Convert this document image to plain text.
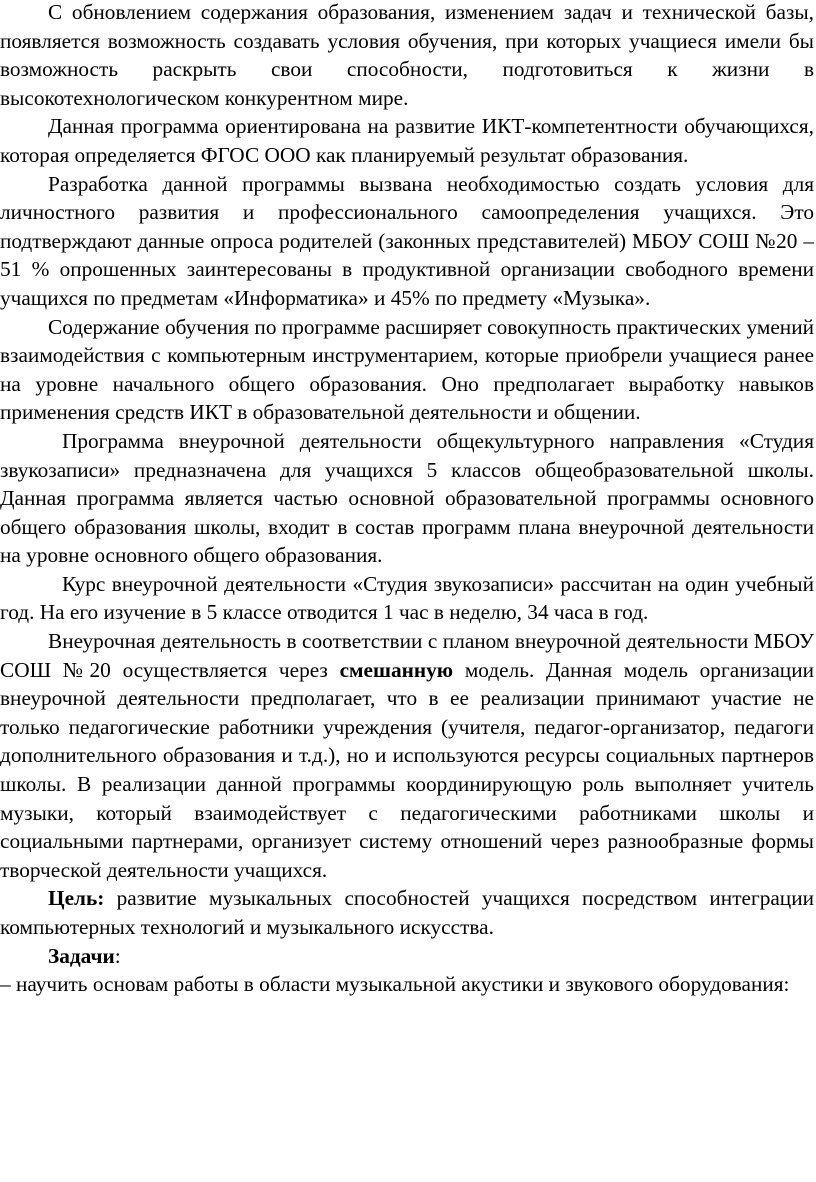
С обновлением содержания образования, изменением задач и технической базы, появляется возможность создавать условия обучения, при которых учащиеся имели бы возможность раскрыть свои способности, подготовиться к жизни в высокотехнологическом конкурентном мире.

Данная программа ориентирована на развитие ИКТ-компетентности обучающихся, которая определяется ФГОС ООО как планируемый результат образования.

Разработка данной программы вызвана необходимостью создать условия для личностного развития и профессионального самоопределения учащихся. Это подтверждают данные опроса родителей (законных представителей) МБОУ СОШ №20 – 51 % опрошенных заинтересованы в продуктивной организации свободного времени учащихся по предметам «Информатика» и 45% по предмету «Музыка».

Содержание обучения по программе расширяет совокупность практических умений взаимодействия с компьютерным инструментарием, которые приобрели учащиеся ранее на уровне начального общего образования. Оно предполагает выработку навыков применения средств ИКТ в образовательной деятельности и общении.

Программа внеурочной деятельности общекультурного направления «Студия звукозаписи» предназначена для учащихся 5 классов общеобразовательной школы. Данная программа является частью основной образовательной программы основного общего образования школы, входит в состав программ плана внеурочной деятельности на уровне основного общего образования.

Курс внеурочной деятельности «Студия звукозаписи» рассчитан на один учебный год. На его изучение в 5 классе отводится 1 час в неделю, 34 часа в год.

Внеурочная деятельность в соответствии с планом внеурочной деятельности МБОУ СОШ №20 осуществляется через смешанную модель. Данная модель организации внеурочной деятельности предполагает, что в ее реализации принимают участие не только педагогические работники учреждения (учителя, педагог-организатор, педагоги дополнительного образования и т.д.), но и используются ресурсы социальных партнеров школы. В реализации данной программы координирующую роль выполняет учитель музыки, который взаимодействует с педагогическими работниками школы и социальными партнерами, организует систему отношений через разнообразные формы творческой деятельности учащихся.

Цель: развитие музыкальных способностей учащихся посредством интеграции компьютерных технологий и музыкального искусства.

Задачи:

– научить основам работы в области музыкальной акустики и звукового оборудования:
